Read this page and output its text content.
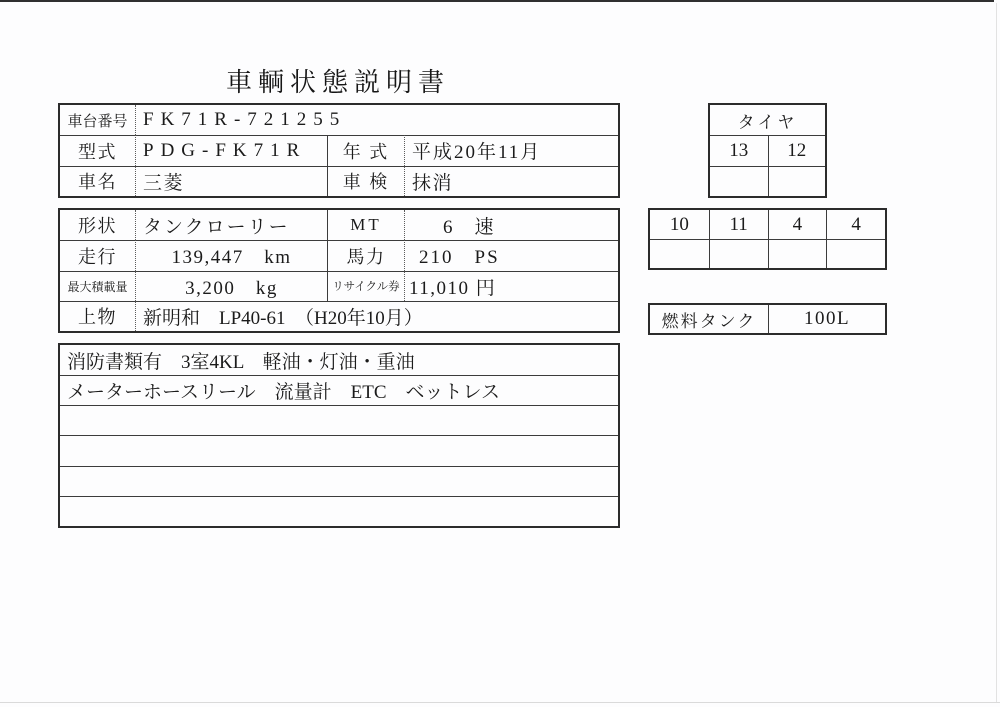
車輌状態説明書
車台番号 FK71R-721255
型式	PDG-FK71R	年 式	平成20年11月
車名	三菱	車 検	抹消
形状	タンクローリー	MT	6　速
走行	139,447　km	馬力	210　PS
最大積載量	3,200　kg	リサイクル券 11,010 円
上物	新明和　LP40-61　（H20年10月）
消防書類有　3室4KL　軽油・灯油・重油
メーターホースリール　流量計　ETC　ベットレス
タイヤ
13	12
10	11	4	4
燃料タンク	100L
